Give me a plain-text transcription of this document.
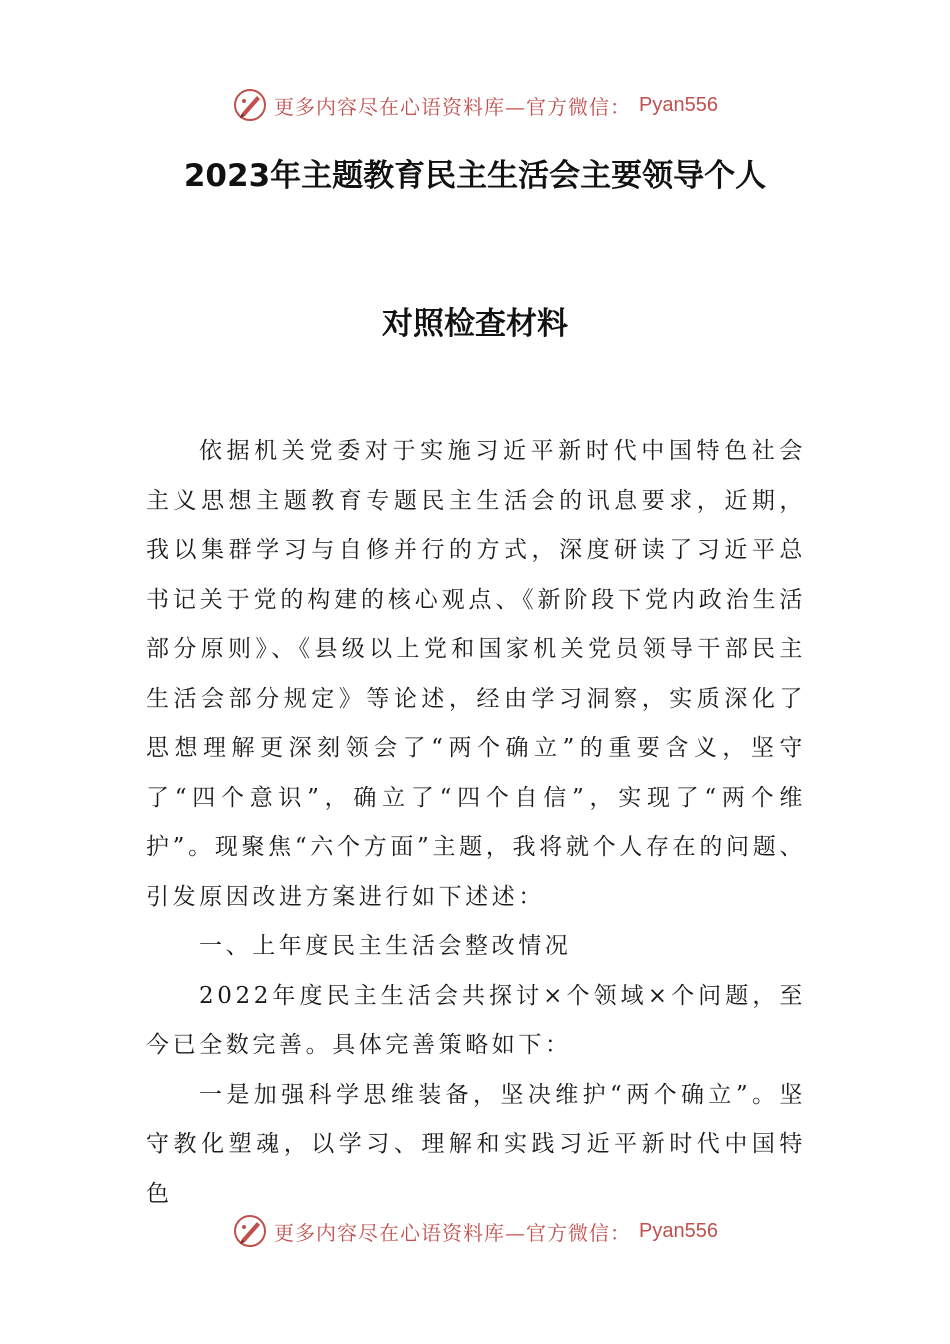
更多内容尽在心语资料库—官方微信： Pyan556
2023年主题教育民主生活会主要领导个人
对照检查材料

依据机关党委对于实施习近平新时代中国特色社会主义思想主题教育专题民主生活会的讯息要求，近期，我以集群学习与自修并行的方式，深度研读了习近平总书记关于党的构建的核心观点、《新阶段下党内政治生活部分原则》、《县级以上党和国家机关党员领导干部民主生活会部分规定》等论述，经由学习洞察，实质深化了思想理解更深刻领会了“两个确立”的重要含义，坚守了“四个意识”，确立了“四个自信”，实现了“两个维护”。现聚焦“六个方面”主题，我将就个人存在的问题、引发原因改进方案进行如下述述：

一、上年度民主生活会整改情况

2022年度民主生活会共探讨×个领域×个问题，至今已全数完善。具体完善策略如下：

一是加强科学思维装备，坚决维护“两个确立”。坚守教化塑魂，以学习、理解和实践习近平新时代中国特色

更多内容尽在心语资料库—官方微信： Pyan556
